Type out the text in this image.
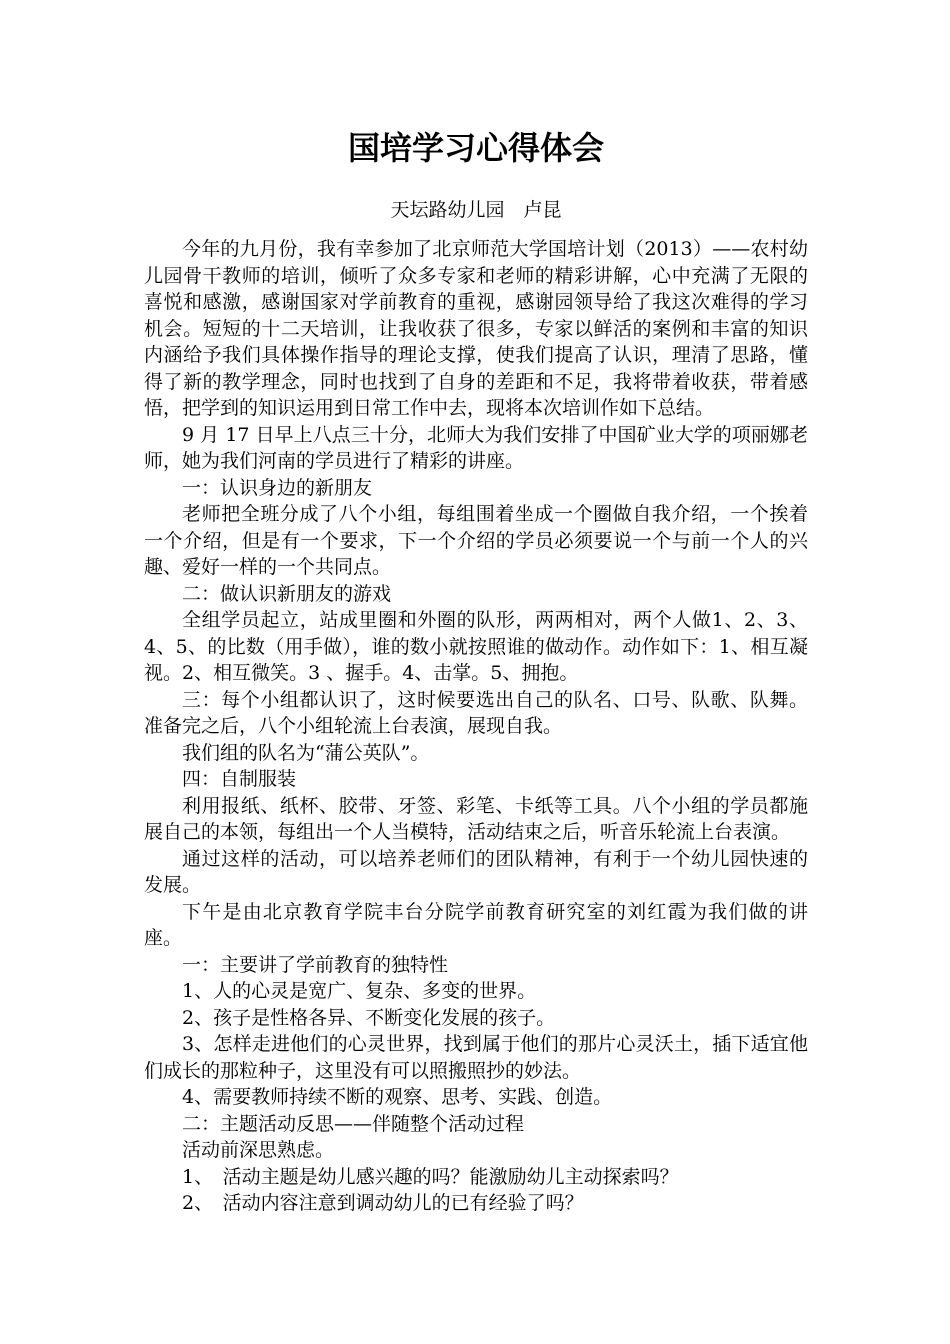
国培学习心得体会

天坛路幼儿园　卢昆

今年的九月份，我有幸参加了北京师范大学国培计划（2013）——农村幼儿园骨干教师的培训，倾听了众多专家和老师的精彩讲解，心中充满了无限的喜悦和感激，感谢国家对学前教育的重视，感谢园领导给了我这次难得的学习机会。短短的十二天培训，让我收获了很多，专家以鲜活的案例和丰富的知识内涵给予我们具体操作指导的理论支撑，使我们提高了认识，理清了思路，懂得了新的教学理念，同时也找到了自身的差距和不足，我将带着收获，带着感悟，把学到的知识运用到日常工作中去，现将本次培训作如下总结。

9 月 17 日早上八点三十分，北师大为我们安排了中国矿业大学的项丽娜老师，她为我们河南的学员进行了精彩的讲座。

一：认识身边的新朋友

老师把全班分成了八个小组，每组围着坐成一个圈做自我介绍，一个挨着一个介绍，但是有一个要求，下一个介绍的学员必须要说一个与前一个人的兴趣、爱好一样的一个共同点。

二：做认识新朋友的游戏

全组学员起立，站成里圈和外圈的队形，两两相对，两个人做1、2、3、4、5、的比数（用手做），谁的数小就按照谁的做动作。动作如下：1、相互凝视。2、相互微笑。3 、握手。4、击掌。5、拥抱。

三：每个小组都认识了，这时候要选出自己的队名、口号、队歌、队舞。准备完之后，八个小组轮流上台表演，展现自我。

我们组的队名为“蒲公英队”。

四：自制服装

利用报纸、纸杯、胶带、牙签、彩笔、卡纸等工具。八个小组的学员都施展自己的本领，每组出一个人当模特，活动结束之后，听音乐轮流上台表演。

通过这样的活动，可以培养老师们的团队精神，有利于一个幼儿园快速的发展。

下午是由北京教育学院丰台分院学前教育研究室的刘红霞为我们做的讲座。

一：主要讲了学前教育的独特性

1、人的心灵是宽广、复杂、多变的世界。

2、孩子是性格各异、不断变化发展的孩子。

3、怎样走进他们的心灵世界，找到属于他们的那片心灵沃土，插下适宜他们成长的那粒种子，这里没有可以照搬照抄的妙法。

4、需要教师持续不断的观察、思考、实践、创造。

二：主题活动反思——伴随整个活动过程

活动前深思熟虑。

1、　活动主题是幼儿感兴趣的吗？能激励幼儿主动探索吗？

2、　活动内容注意到调动幼儿的已有经验了吗？
